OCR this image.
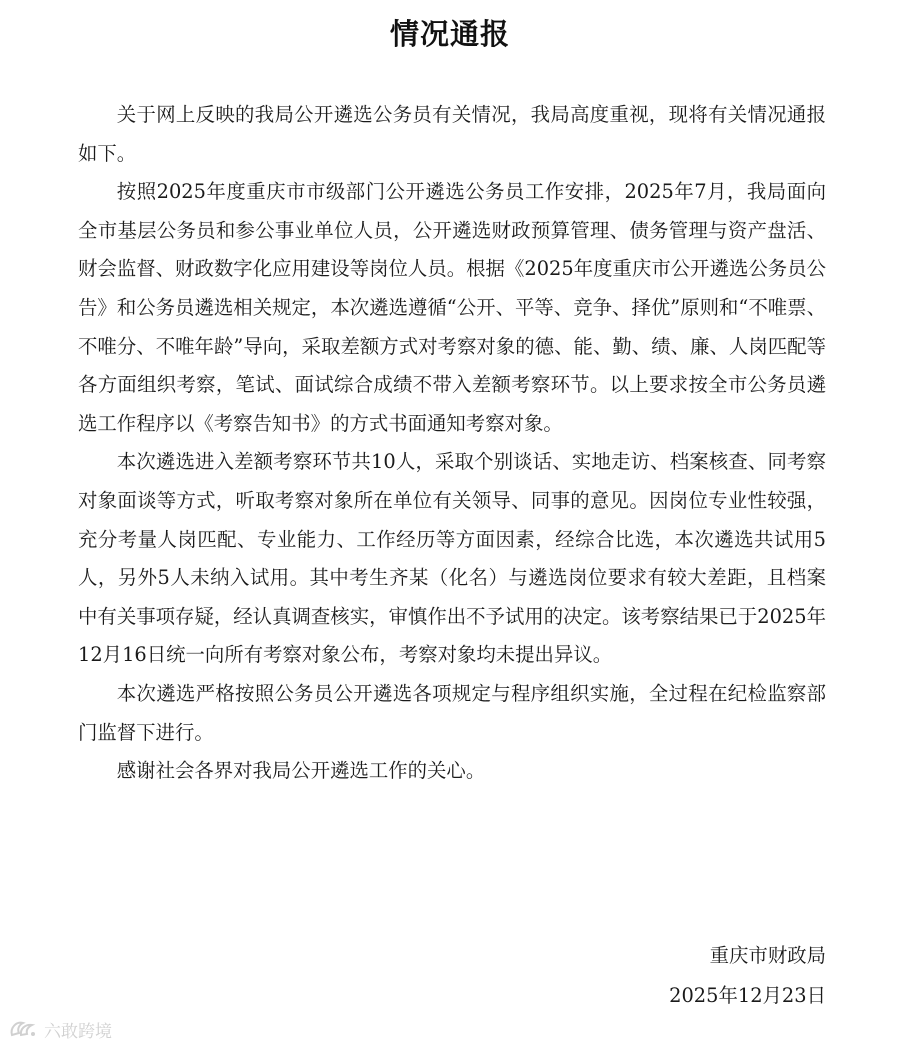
情况通报

关于网上反映的我局公开遴选公务员有关情况，我局高度重视，现将有关情况通报如下。

按照2025年度重庆市市级部门公开遴选公务员工作安排，2025年7月，我局面向全市基层公务员和参公事业单位人员，公开遴选财政预算管理、债务管理与资产盘活、财会监督、财政数字化应用建设等岗位人员。根据《2025年度重庆市公开遴选公务员公告》和公务员遴选相关规定，本次遴选遵循“公开、平等、竞争、择优”原则和“不唯票、不唯分、不唯年龄”导向，采取差额方式对考察对象的德、能、勤、绩、廉、人岗匹配等各方面组织考察，笔试、面试综合成绩不带入差额考察环节。以上要求按全市公务员遴选工作程序以《考察告知书》的方式书面通知考察对象。

本次遴选进入差额考察环节共10人，采取个别谈话、实地走访、档案核查、同考察对象面谈等方式，听取考察对象所在单位有关领导、同事的意见。因岗位专业性较强，充分考量人岗匹配、专业能力、工作经历等方面因素，经综合比选，本次遴选共试用5人，另外5人未纳入试用。其中考生齐某（化名）与遴选岗位要求有较大差距，且档案中有关事项存疑，经认真调查核实，审慎作出不予试用的决定。该考察结果已于2025年12月16日统一向所有考察对象公布，考察对象均未提出异议。

本次遴选严格按照公务员公开遴选各项规定与程序组织实施，全过程在纪检监察部门监督下进行。

感谢社会各界对我局公开遴选工作的关心。

重庆市财政局
2025年12月23日
六敢跨境
